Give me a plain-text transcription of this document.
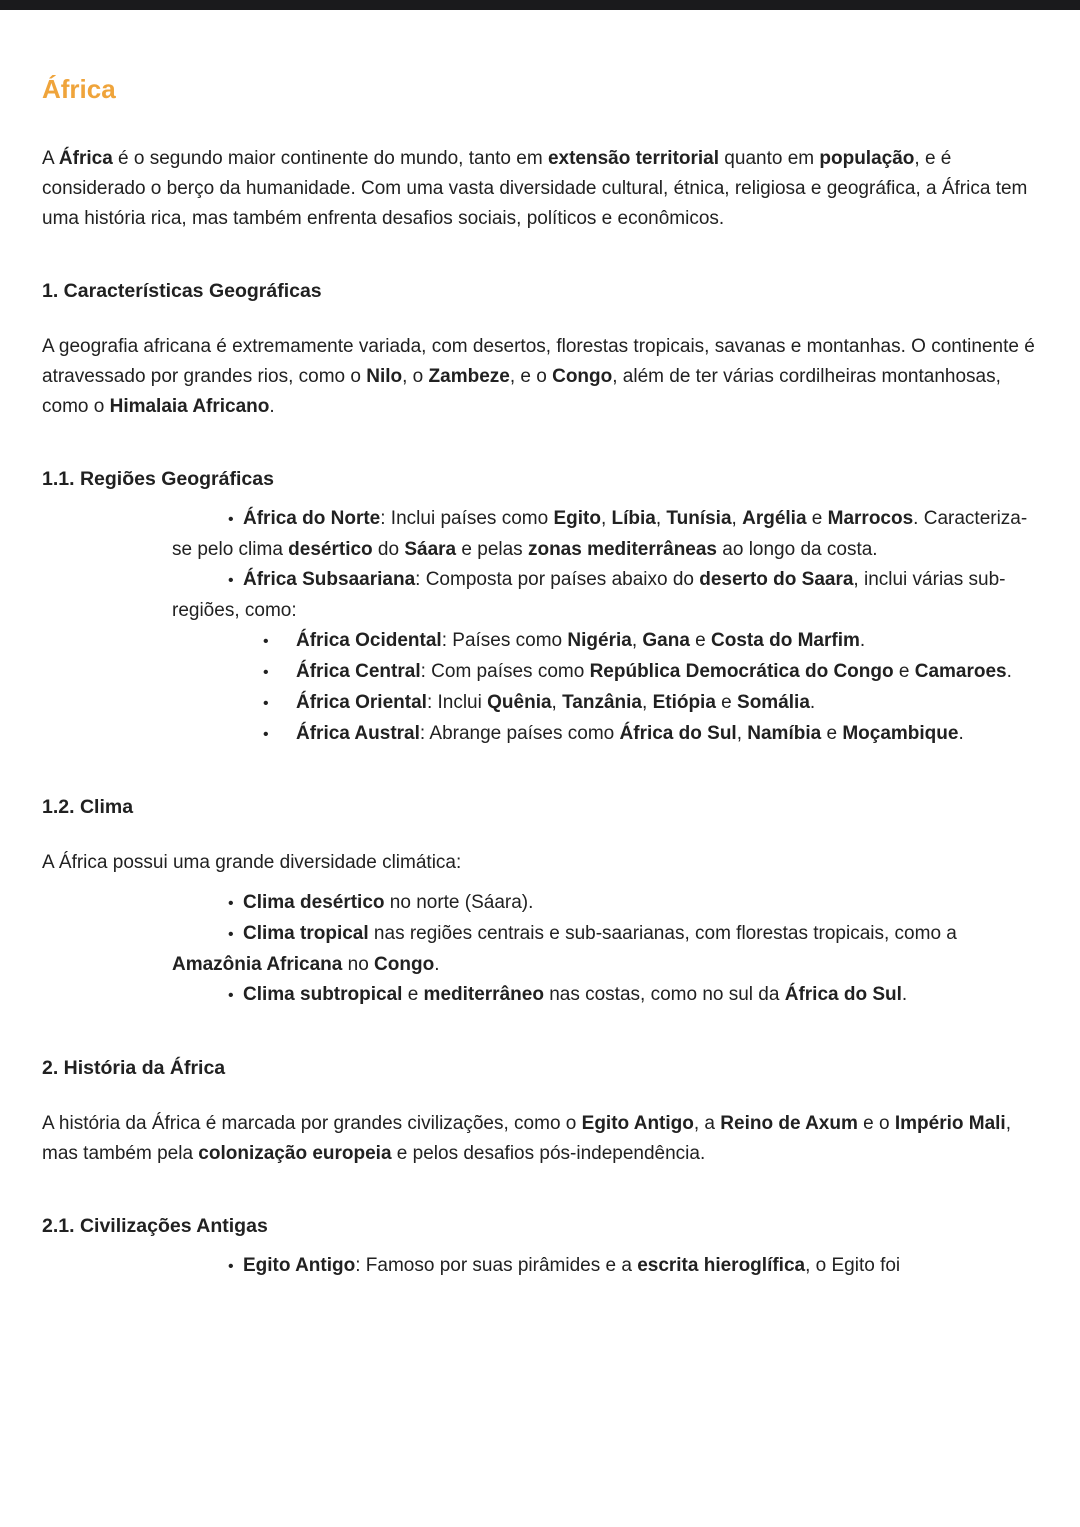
África

A África é o segundo maior continente do mundo, tanto em extensão territorial quanto em população, e é considerado o berço da humanidade. Com uma vasta diversidade cultural, étnica, religiosa e geográfica, a África tem uma história rica, mas também enfrenta desafios sociais, políticos e econômicos.

1. Características Geográficas

A geografia africana é extremamente variada, com desertos, florestas tropicais, savanas e montanhas. O continente é atravessado por grandes rios, como o Nilo, o Zambeze, e o Congo, além de ter várias cordilheiras montanhosas, como o Himalaia Africano.

1.1. Regiões Geográficas
• África do Norte: Inclui países como Egito, Líbia, Tunísia, Argélia e Marrocos. Caracteriza-se pelo clima desértico do Sáara e pelas zonas mediterrâneas ao longo da costa.
• África Subsaariana: Composta por países abaixo do deserto do Saara, inclui várias sub-regiões, como:
• África Ocidental: Países como Nigéria, Gana e Costa do Marfim.
• África Central: Com países como República Democrática do Congo e Camaroes.
• África Oriental: Inclui Quênia, Tanzânia, Etiópia e Somália.
• África Austral: Abrange países como África do Sul, Namíbia e Moçambique.
1.2. Clima

A África possui uma grande diversidade climática:

• Clima desértico no norte (Sáara).
• Clima tropical nas regiões centrais e sub-saarianas, com florestas tropicais, como a Amazônia Africana no Congo.
• Clima subtropical e mediterrâneo nas costas, como no sul da África do Sul.
2. História da África

A história da África é marcada por grandes civilizações, como o Egito Antigo, a Reino de Axum e o Império Mali, mas também pela colonização europeia e pelos desafios pós-independência.

2.1. Civilizações Antigas
• Egito Antigo: Famoso por suas pirâmides e a escrita hieroglífica, o Egito foi
